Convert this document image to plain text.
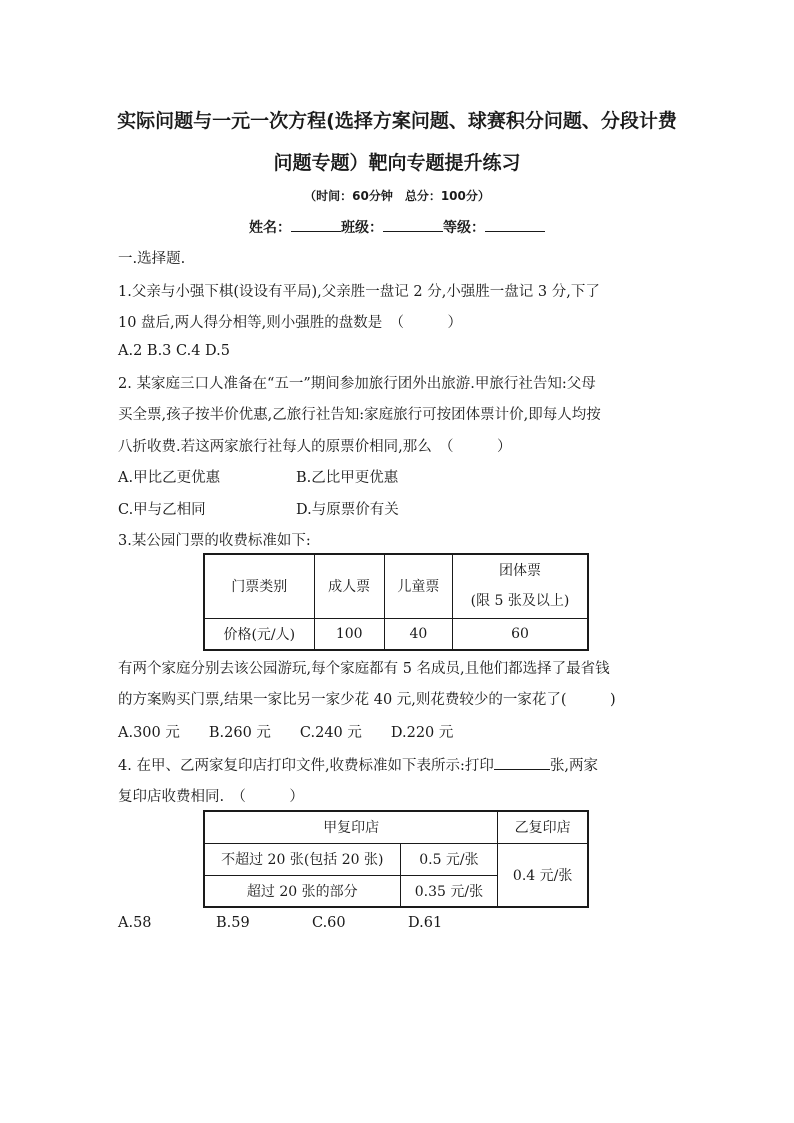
实际问题与一元一次方程(选择方案问题、球赛积分问题、分段计费
问题专题）靶向专题提升练习
（时间：60分钟　总分：100分）
姓名：	班级：	等级：
一.选择题.
1.父亲与小强下棋(设设有平局),父亲胜一盘记 2 分,小强胜一盘记 3 分,下了
10 盘后,两人得分相等,则小强胜的盘数是　（　　　）
A.2 B.3 C.4 D.5
2. 某家庭三口人准备在“五一”期间参加旅行团外出旅游.甲旅行社告知:父母
买全票,孩子按半价优惠,乙旅行社告知:家庭旅行可按团体票计价,即每人均按
八折收费.若这两家旅行社每人的原票价相同,那么　（　　　）
A.甲比乙更优惠	B.乙比甲更优惠
C.甲与乙相同	D.与原票价有关
3.某公园门票的收费标准如下:
门票类别	成人票	儿童票	团体票
(限 5 张及以上)

价格(元/人)	100	40	60
有两个家庭分别去该公园游玩,每个家庭都有 5 名成员,且他们都选择了最省钱
的方案购买门票,结果一家比另一家少花 40 元,则花费较少的一家花了(　　　)
A.300 元　　B.260 元　　C.240 元　　D.220 元
4. 在甲、乙两家复印店打印文件,收费标准如下表所示:打印	张,两家
复印店收费相同.　（　　　）
甲复印店		乙复印店
不超过 20 张(包括 20 张)	0.5 元/张	0.4 元/张
超过 20 张的部分	0.35 元/张	
A.58	B.59	C.60	D.61
